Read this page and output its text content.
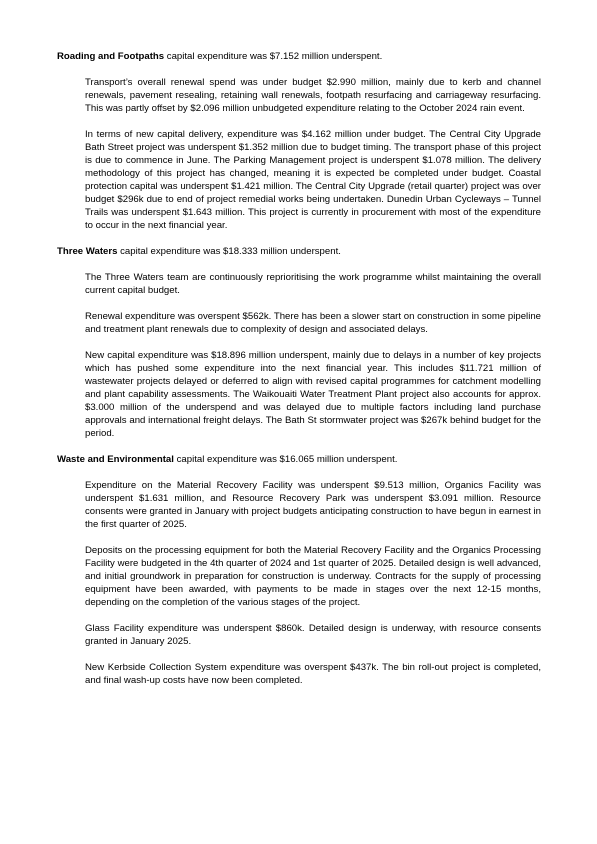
Roading and Footpaths capital expenditure was $7.152 million underspent.

Transport’s overall renewal spend was under budget $2.990 million, mainly due to kerb and channel renewals, pavement resealing, retaining wall renewals, footpath resurfacing and carriageway resurfacing. This was partly offset by $2.096 million unbudgeted expenditure relating to the October 2024 rain event.

In terms of new capital delivery, expenditure was $4.162 million under budget. The Central City Upgrade Bath Street project was underspent $1.352 million due to budget timing. The transport phase of this project is due to commence in June. The Parking Management project is underspent $1.078 million. The delivery methodology of this project has changed, meaning it is expected be completed under budget. Coastal protection capital was underspent $1.421 million. The Central City Upgrade (retail quarter) project was over budget $296k due to end of project remedial works being undertaken. Dunedin Urban Cycleways – Tunnel Trails was underspent $1.643 million. This project is currently in procurement with most of the expenditure to occur in the next financial year.

Three Waters capital expenditure was $18.333 million underspent.

The Three Waters team are continuously reprioritising the work programme whilst maintaining the overall current capital budget.

Renewal expenditure was overspent $562k. There has been a slower start on construction in some pipeline and treatment plant renewals due to complexity of design and associated delays.

New capital expenditure was $18.896 million underspent, mainly due to delays in a number of key projects which has pushed some expenditure into the next financial year. This includes $11.721 million of wastewater projects delayed or deferred to align with revised capital programmes for catchment modelling and plant capability assessments. The Waikouaiti Water Treatment Plant project also accounts for approx. $3.000 million of the underspend and was delayed due to multiple factors including land purchase approvals and international freight delays. The Bath St stormwater project was $267k behind budget for the period.

Waste and Environmental capital expenditure was $16.065 million underspent.

Expenditure on the Material Recovery Facility was underspent $9.513 million, Organics Facility was underspent $1.631 million, and Resource Recovery Park was underspent $3.091 million. Resource consents were granted in January with project budgets anticipating construction to have begun in earnest in the first quarter of 2025.

Deposits on the processing equipment for both the Material Recovery Facility and the Organics Processing Facility were budgeted in the 4th quarter of 2024 and 1st quarter of 2025. Detailed design is well advanced, and initial groundwork in preparation for construction is underway. Contracts for the supply of processing equipment have been awarded, with payments to be made in stages over the next 12-15 months, depending on the completion of the various stages of the project.

Glass Facility expenditure was underspent $860k. Detailed design is underway, with resource consents granted in January 2025.

New Kerbside Collection System expenditure was overspent $437k. The bin roll-out project is completed, and final wash-up costs have now been completed.
